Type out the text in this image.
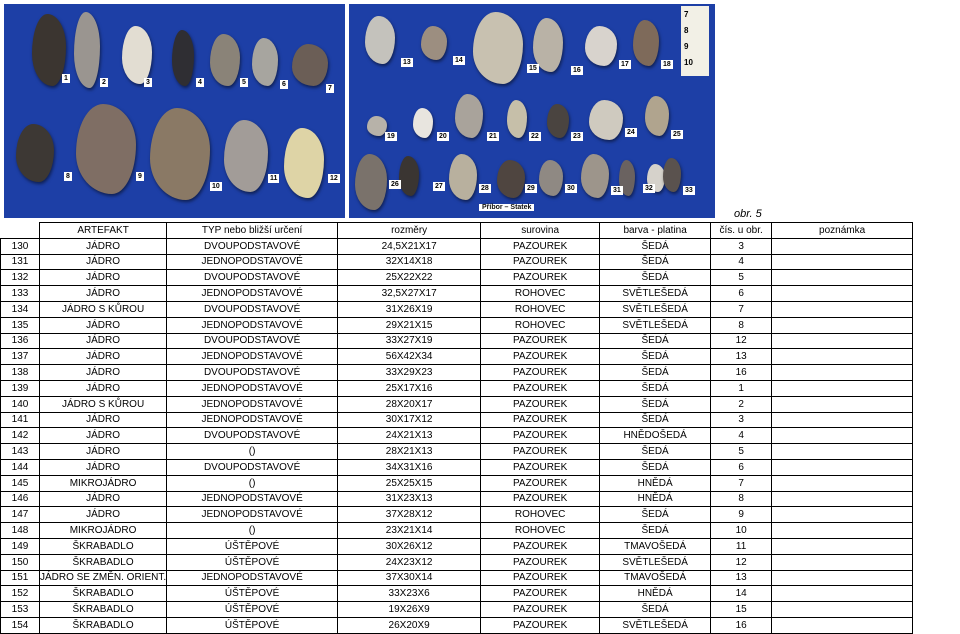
1
2	3	4	5	6
7
8	9
10
11	12
7
8
9
10
13	14
15	16
17	18
19	20	21	22	23
24	25
26	27	28	29	30	31	32	33
Příbor – Statek
obr. 5
	ARTEFAKT	TYP nebo bližší určení	rozměry	surovina	barva - platina	čís. u obr.	poznámka
130	JÁDRO	DVOUPODSTAVOVÉ	24,5X21X17	PAZOUREK	ŠEDÁ	3	
131	JÁDRO	JEDNOPODSTAVOVÉ	32X14X18	PAZOUREK	ŠEDÁ	4	
132	JÁDRO	DVOUPODSTAVOVÉ	25X22X22	PAZOUREK	ŠEDÁ	5	
133	JÁDRO	JEDNOPODSTAVOVÉ	32,5X27X17	ROHOVEC	SVĚTLEŠEDÁ	6	
134	JÁDRO S KŮROU	DVOUPODSTAVOVÉ	31X26X19	ROHOVEC	SVĚTLEŠEDÁ	7	
135	JÁDRO	JEDNOPODSTAVOVÉ	29X21X15	ROHOVEC	SVĚTLEŠEDÁ	8	
136	JÁDRO	DVOUPODSTAVOVÉ	33X27X19	PAZOUREK	ŠEDÁ	12	
137	JÁDRO	JEDNOPODSTAVOVÉ	56X42X34	PAZOUREK	ŠEDÁ	13	
138	JÁDRO	DVOUPODSTAVOVÉ	33X29X23	PAZOUREK	ŠEDÁ	16	
139	JÁDRO	JEDNOPODSTAVOVÉ	25X17X16	PAZOUREK	ŠEDÁ	1	
140	JÁDRO S KŮROU	JEDNOPODSTAVOVÉ	28X20X17	PAZOUREK	ŠEDÁ	2	
141	JÁDRO	JEDNOPODSTAVOVÉ	30X17X12	PAZOUREK	ŠEDÁ	3	
142	JÁDRO	DVOUPODSTAVOVÉ	24X21X13	PAZOUREK	HNĚDOŠEDÁ	4	
143	JÁDRO	()	28X21X13	PAZOUREK	ŠEDÁ	5	
144	JÁDRO	DVOUPODSTAVOVÉ	34X31X16	PAZOUREK	ŠEDÁ	6	
145	MIKROJÁDRO	()	25X25X15	PAZOUREK	HNĚDÁ	7	
146	JÁDRO	JEDNOPODSTAVOVÉ	31X23X13	PAZOUREK	HNĚDÁ	8	
147	JÁDRO	JEDNOPODSTAVOVÉ	37X28X12	ROHOVEC	ŠEDÁ	9	
148	MIKROJÁDRO	()	23X21X14	ROHOVEC	ŠEDÁ	10	
149	ŠKRABADLO	ÚŠTĚPOVÉ	30X26X12	PAZOUREK	TMAVOŠEDÁ	11	
150	ŠKRABADLO	ÚŠTĚPOVÉ	24X23X12	PAZOUREK	SVĚTLEŠEDÁ	12	
151	JÁDRO SE ZMĚN. ORIENT.	JEDNOPODSTAVOVÉ	37X30X14	PAZOUREK	TMAVOŠEDÁ	13	
152	ŠKRABADLO	ÚŠTĚPOVÉ	33X23X6	PAZOUREK	HNĚDÁ	14	
153	ŠKRABADLO	ÚŠTĚPOVÉ	19X26X9	PAZOUREK	ŠEDÁ	15	
154	ŠKRABADLO	ÚŠTĚPOVÉ	26X20X9	PAZOUREK	SVĚTLEŠEDÁ	16	
